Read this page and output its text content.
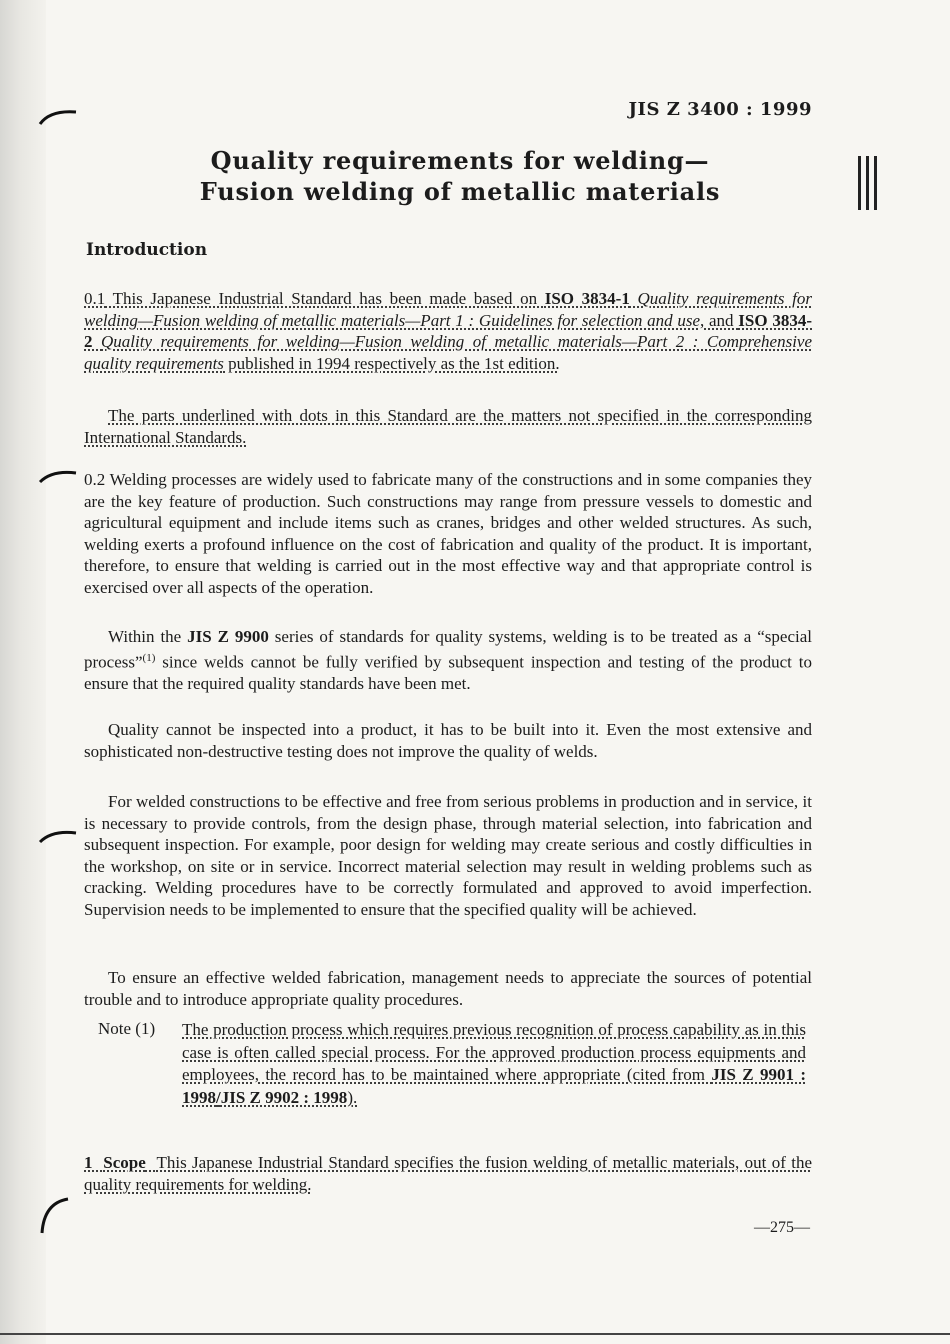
JIS Z 3400 : 1999
Quality requirements for welding—
Fusion welding of metallic materials
Introduction

0.1 This Japanese Industrial Standard has been made based on ISO 3834-1 Quality requirements for welding—Fusion welding of metallic materials—Part 1 : Guidelines for selection and use, and ISO 3834-2 Quality requirements for welding—Fusion welding of metallic materials—Part 2 : Comprehensive quality requirements published in 1994 respectively as the 1st edition.

The parts underlined with dots in this Standard are the matters not specified in the corresponding International Standards.

0.2 Welding processes are widely used to fabricate many of the constructions and in some companies they are the key feature of production. Such constructions may range from pressure vessels to domestic and agricultural equipment and include items such as cranes, bridges and other welded structures. As such, welding exerts a profound influence on the cost of fabrication and quality of the product. It is important, therefore, to ensure that welding is carried out in the most effective way and that appropriate control is exercised over all aspects of the operation.

Within the JIS Z 9900 series of standards for quality systems, welding is to be treated as a “special process”$^{(1)}$ since welds cannot be fully verified by subsequent inspection and testing of the product to ensure that the required quality standards have been met.

Quality cannot be inspected into a product, it has to be built into it. Even the most extensive and sophisticated non-destructive testing does not improve the quality of welds.

For welded constructions to be effective and free from serious problems in production and in service, it is necessary to provide controls, from the design phase, through material selection, into fabrication and subsequent inspection. For example, poor design for welding may create serious and costly difficulties in the workshop, on site or in service. Incorrect material selection may result in welding problems such as cracking. Welding procedures have to be correctly formulated and approved to avoid imperfection. Supervision needs to be implemented to ensure that the specified quality will be achieved.

To ensure an effective welded fabrication, management needs to appreciate the sources of potential trouble and to introduce appropriate quality procedures.

Note (1) The production process which requires previous recognition of process capability as in this case is often called special process. For the approved production process equipments and employees, the record has to be maintained where appropriate (cited from JIS Z 9901 : 1998/JIS Z 9902 : 1998).

1 Scope This Japanese Industrial Standard specifies the fusion welding of metallic materials, out of the quality requirements for welding.

—275—
